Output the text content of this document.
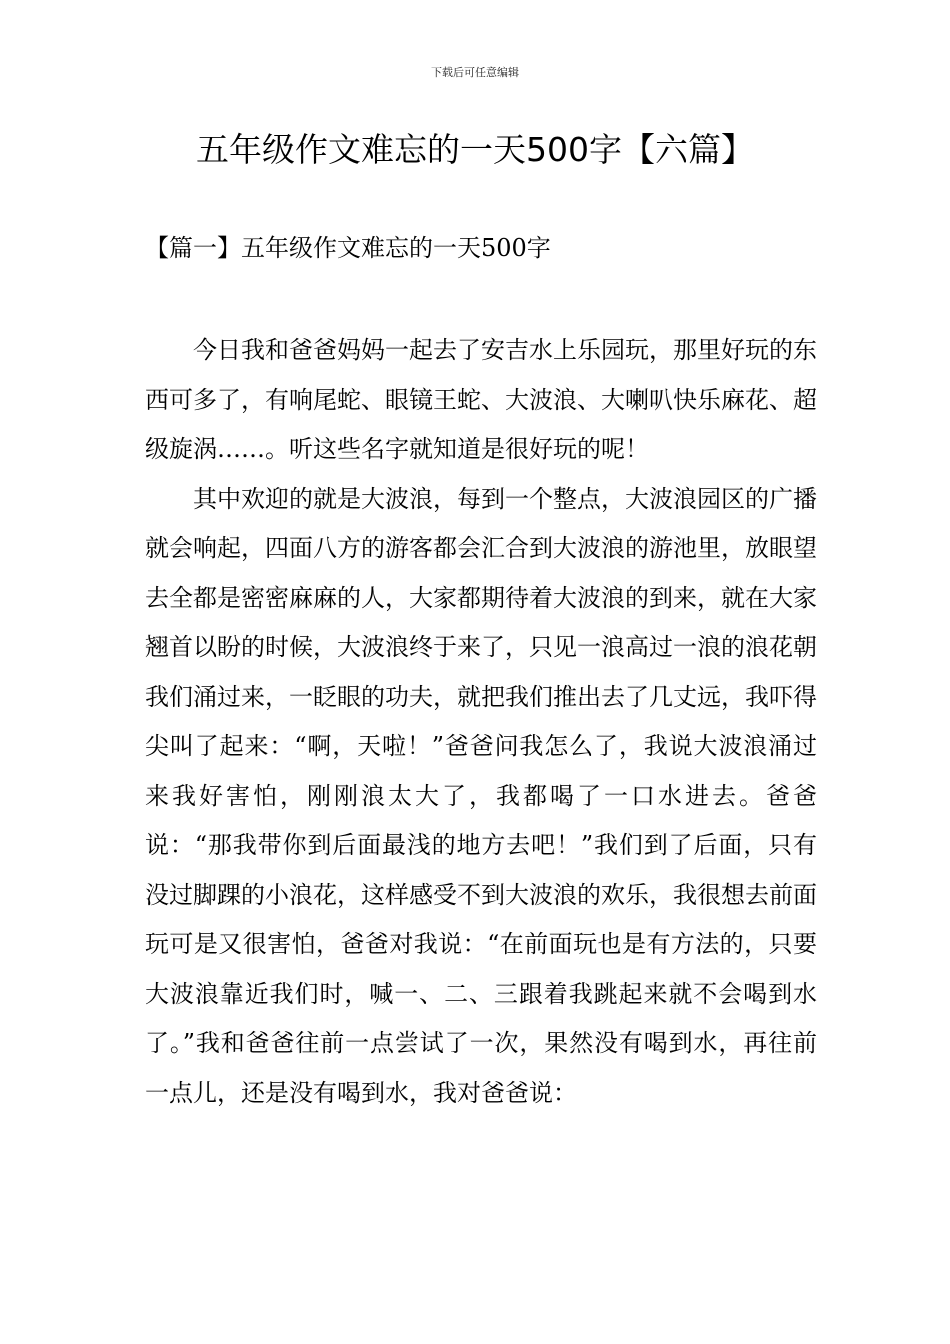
下载后可任意编辑
五年级作文难忘的一天500字【六篇】
【篇一】五年级作文难忘的一天500字

今日我和爸爸妈妈一起去了安吉水上乐园玩，那里好玩的东西可多了，有响尾蛇、眼镜王蛇、大波浪、大喇叭快乐麻花、超级旋涡……。听这些名字就知道是很好玩的呢！

其中欢迎的就是大波浪，每到一个整点，大波浪园区的广播就会响起，四面八方的游客都会汇合到大波浪的游池里，放眼望去全都是密密麻麻的人，大家都期待着大波浪的到来，就在大家翘首以盼的时候，大波浪终于来了，只见一浪高过一浪的浪花朝我们涌过来，一眨眼的功夫，就把我们推出去了几丈远，我吓得尖叫了起来：“啊，天啦！”爸爸问我怎么了，我说大波浪涌过来我好害怕，刚刚浪太大了，我都喝了一口水进去。爸爸说：“那我带你到后面最浅的地方去吧！”我们到了后面，只有没过脚踝的小浪花，这样感受不到大波浪的欢乐，我很想去前面玩可是又很害怕，爸爸对我说：“在前面玩也是有方法的，只要大波浪靠近我们时，喊一、二、三跟着我跳起来就不会喝到水了。”我和爸爸往前一点尝试了一次，果然没有喝到水，再往前一点儿，还是没有喝到水，我对爸爸说：
